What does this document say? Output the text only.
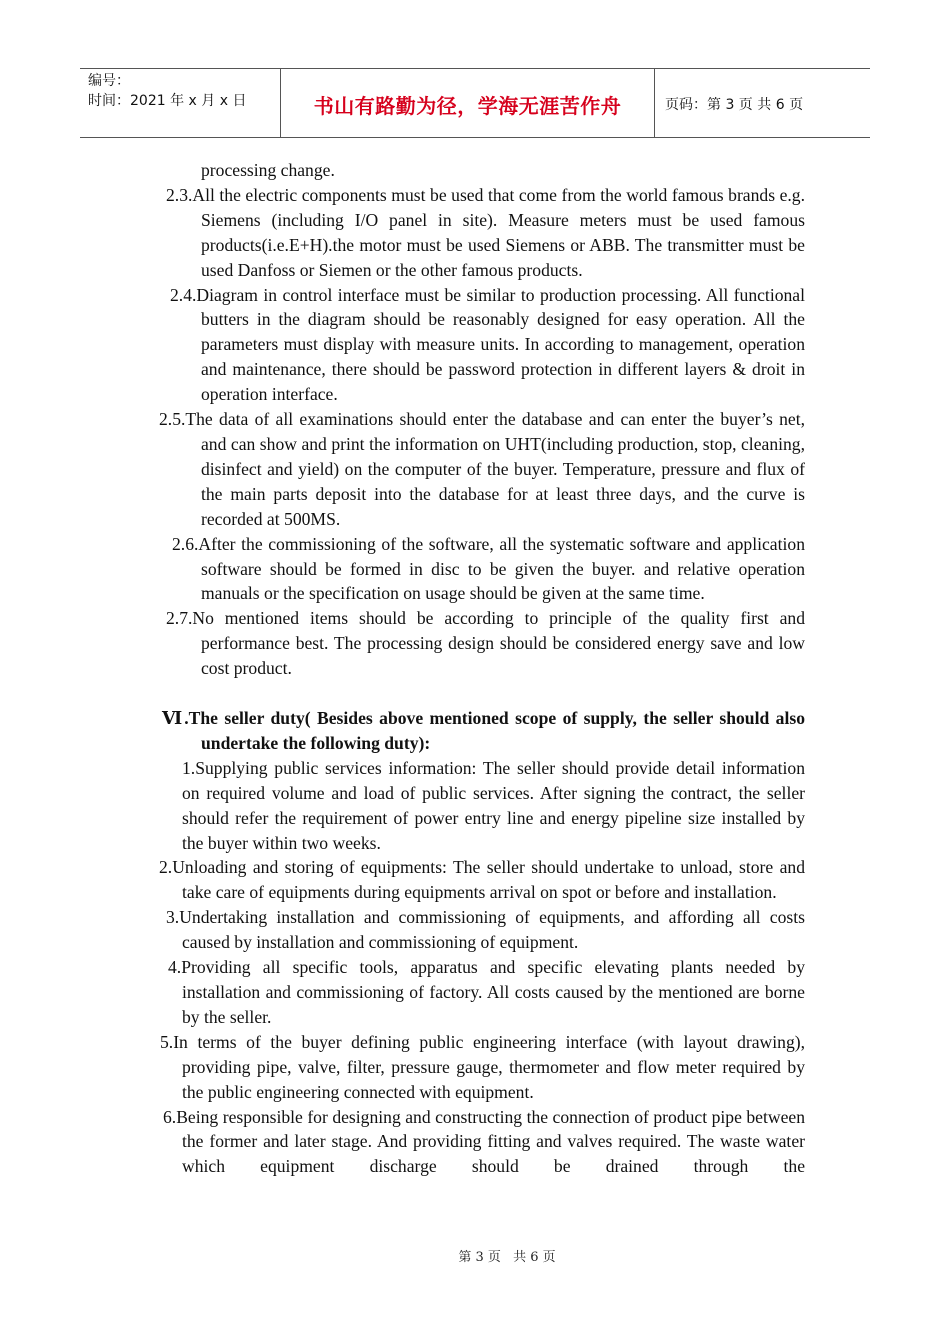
编号：
时间：2021 年 x 月 x 日	书山有路勤为径，学海无涯苦作舟	页码：第 3 页 共 6 页

processing change.

2.3.All the electric components must be used that come from the world famous brands e.g. Siemens (including I/O panel in site). Measure meters must be used famous products(i.e.E+H).the motor must be used Siemens or ABB. The transmitter must be used Danfoss or Siemen or the other famous products.

2.4.Diagram in control interface must be similar to production processing. All functional butters in the diagram should be reasonably designed for easy operation. All the parameters must display with measure units. In according to management, operation and maintenance, there should be password protection in different layers & droit in operation interface.

2.5.The data of all examinations should enter the database and can enter the buyer’s net, and can show and print the information on UHT(including production, stop, cleaning, disinfect and yield) on the computer of the buyer. Temperature, pressure and flux of the main parts deposit into the database for at least three days, and the curve is recorded at 500MS.

2.6.After the commissioning of the software, all the systematic software and application software should be formed in disc to be given the buyer. and relative operation manuals or the specification on usage should be given at the same time.

2.7.No mentioned items should be according to principle of the quality first and performance best. The processing design should be considered energy save and low cost product.

Ⅵ.The seller duty( Besides above mentioned scope of supply, the seller should also undertake the following duty):

1.Supplying public services information: The seller should provide detail information on required volume and load of public services. After signing the contract, the seller should refer the requirement of power entry line and energy pipeline size installed by the buyer within two weeks.

2.Unloading and storing of equipments: The seller should undertake to unload, store and take care of equipments during equipments arrival on spot or before and installation.

3.Undertaking installation and commissioning of equipments, and affording all costs caused by installation and commissioning of equipment.

4.Providing all specific tools, apparatus and specific elevating plants needed by installation and commissioning of factory. All costs caused by the mentioned are borne by the seller.

5.In terms of the buyer defining public engineering interface (with layout drawing), providing pipe, valve, filter, pressure gauge, thermometer and flow meter required by the public engineering connected with equipment.

6.Being responsible for designing and constructing the connection of product pipe between the former and later stage. And providing fitting and valves required. The waste water which equipment discharge should be drained through the

第 3 页 共 6 页
